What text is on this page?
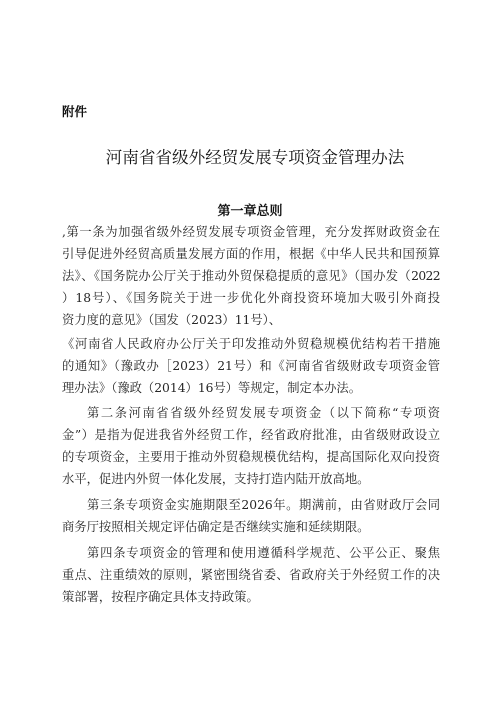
附件
河南省省级外经贸发展专项资金管理办法
第一章总则
,第一条为加强省级外经贸发展专项资金管理，充分发挥财政资金在
引导促进外经贸高质量发展方面的作用，根据《中华人民共和国预算
法》、《国务院办公厅关于推动外贸保稳提质的意见》（国办发（2022
）18号）、《国务院关于进一步优化外商投资环境加大吸引外商投
资力度的意见》（国发（2023）11号）、
《河南省人民政府办公厅关于印发推动外贸稳规模优结构若干措施
的通知》（豫政办［2023）21号）和《河南省省级财政专项资金管
理办法》（豫政（2014）16号）等规定，制定本办法。
第二条河南省省级外经贸发展专项资金（以下简称“专项资
金”）是指为促进我省外经贸工作，经省政府批准，由省级财政设立
的专项资金，主要用于推动外贸稳规模优结构，提高国际化双向投资
水平，促进内外贸一体化发展，支持打造内陆开放高地。
第三条专项资金实施期限至2026年。期满前，由省财政厅会同
商务厅按照相关规定评估确定是否继续实施和延续期限。
第四条专项资金的管理和使用遵循科学规范、公平公正、聚焦
重点、注重绩效的原则，紧密围绕省委、省政府关于外经贸工作的决
策部署，按程序确定具体支持政策。
